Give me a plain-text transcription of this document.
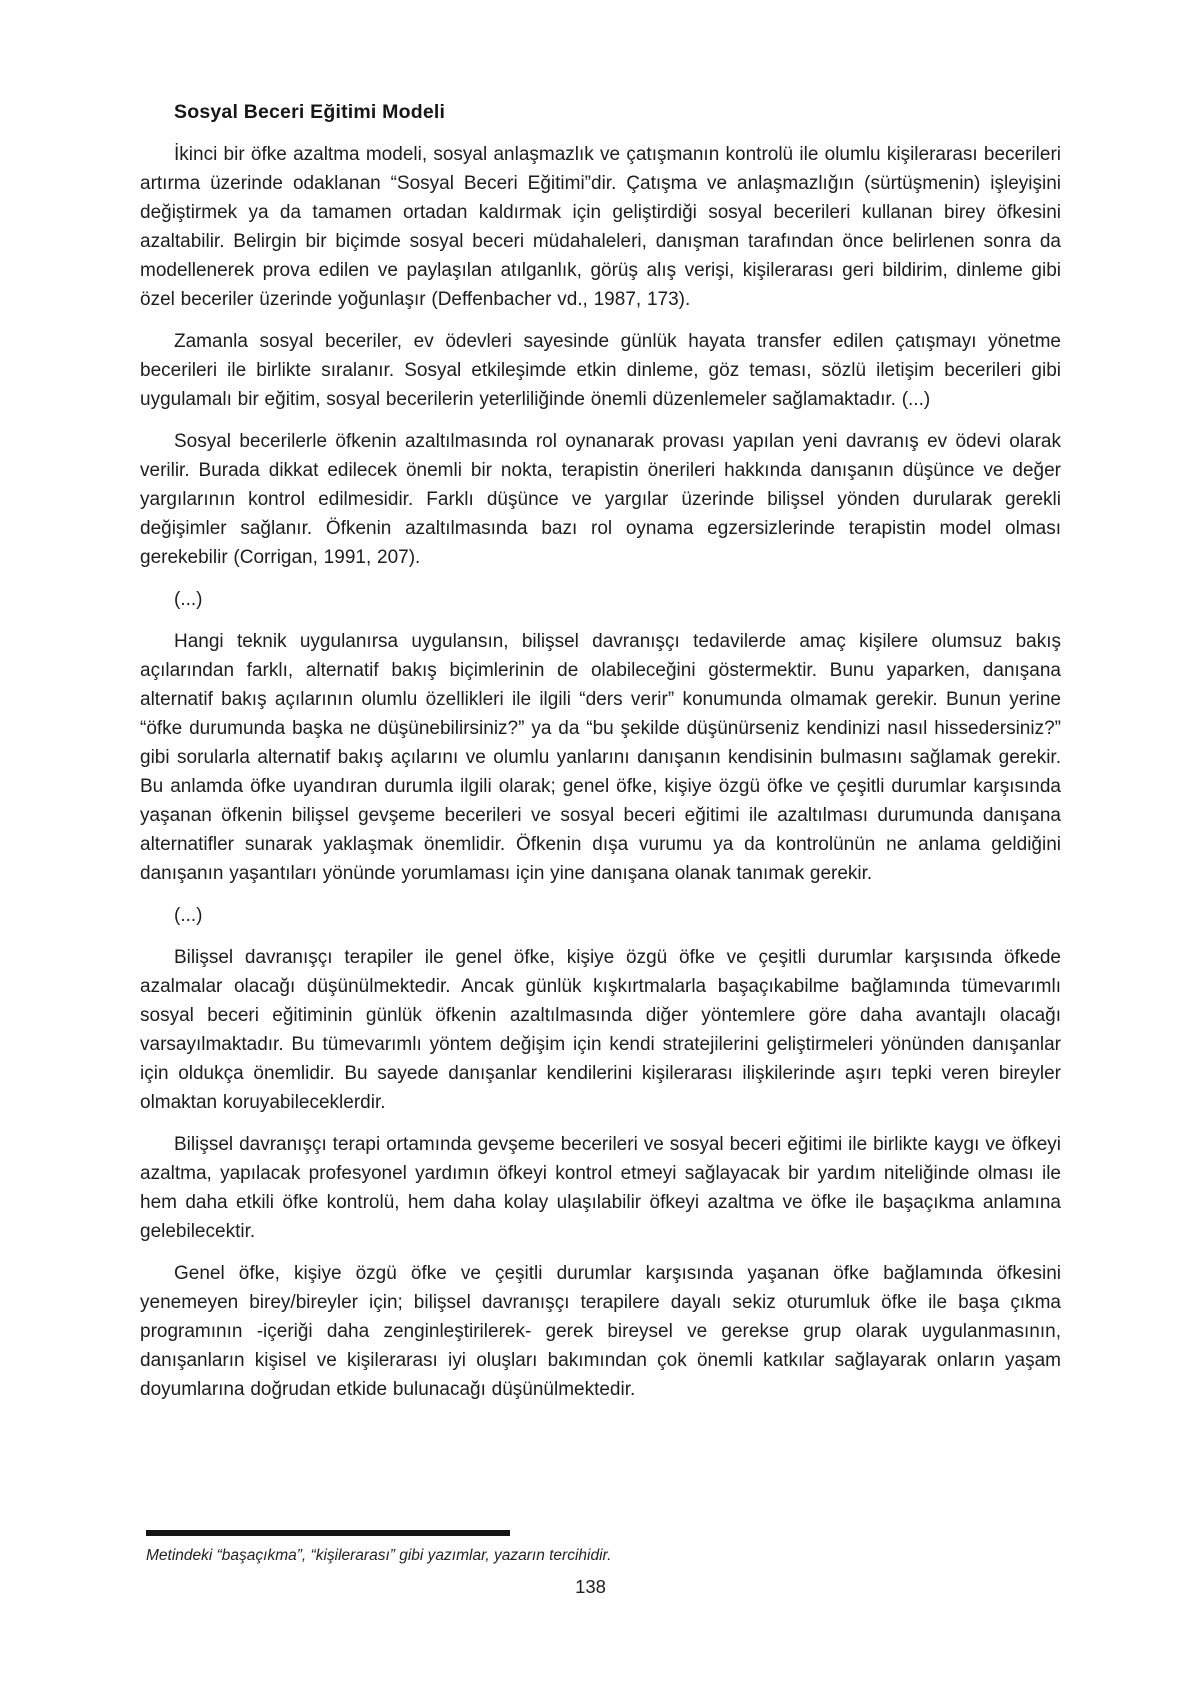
Sosyal Beceri Eğitimi Modeli

İkinci bir öfke azaltma modeli, sosyal anlaşmazlık ve çatışmanın kontrolü ile olumlu kişilerarası becerileri artırma üzerinde odaklanan “Sosyal Beceri Eğitimi”dir. Çatışma ve anlaşmazlığın (sürtüşmenin) işleyişini değiştirmek ya da tamamen ortadan kaldırmak için geliştirdiği sosyal becerileri kullanan birey öfkesini azaltabilir. Belirgin bir biçimde sosyal beceri müdahaleleri, danışman tarafından önce belirlenen sonra da modellenerek prova edilen ve paylaşılan atılganlık, görüş alış verişi, kişilerarası geri bildirim, dinleme gibi özel beceriler üzerinde yoğunlaşır (Deffenbacher vd., 1987, 173).

Zamanla sosyal beceriler, ev ödevleri sayesinde günlük hayata transfer edilen çatışmayı yönetme becerileri ile birlikte sıralanır. Sosyal etkileşimde etkin dinleme, göz teması, sözlü iletişim becerileri gibi uygulamalı bir eğitim, sosyal becerilerin yeterliliğinde önemli düzenlemeler sağlamaktadır. (...)

Sosyal becerilerle öfkenin azaltılmasında rol oynanarak provası yapılan yeni davranış ev ödevi olarak verilir. Burada dikkat edilecek önemli bir nokta, terapistin önerileri hakkında danışanın düşünce ve değer yargılarının kontrol edilmesidir. Farklı düşünce ve yargılar üzerinde bilişsel yönden durularak gerekli değişimler sağlanır. Öfkenin azaltılmasında bazı rol oynama egzersizlerinde terapistin model olması gerekebilir (Corrigan, 1991, 207).

(...)

Hangi teknik uygulanırsa uygulansın, bilişsel davranışçı tedavilerde amaç kişilere olumsuz bakış açılarından farklı, alternatif bakış biçimlerinin de olabileceğini göstermektir. Bunu yaparken, danışana alternatif bakış açılarının olumlu özellikleri ile ilgili “ders verir” konumunda olmamak gerekir. Bunun yerine “öfke durumunda başka ne düşünebilirsiniz?” ya da “bu şekilde düşünürseniz kendinizi nasıl hissedersiniz?” gibi sorularla alternatif bakış açılarını ve olumlu yanlarını danışanın kendisinin bulmasını sağlamak gerekir. Bu anlamda öfke uyandıran durumla ilgili olarak; genel öfke, kişiye özgü öfke ve çeşitli durumlar karşısında yaşanan öfkenin bilişsel gevşeme becerileri ve sosyal beceri eğitimi ile azaltılması durumunda danışana alternatifler sunarak yaklaşmak önemlidir. Öfkenin dışa vurumu ya da kontrolünün ne anlama geldiğini danışanın yaşantıları yönünde yorumlaması için yine danışana olanak tanımak gerekir.

(...)

Bilişsel davranışçı terapiler ile genel öfke, kişiye özgü öfke ve çeşitli durumlar karşısında öfkede azalmalar olacağı düşünülmektedir. Ancak günlük kışkırtmalarla başaçıkabilme bağlamında tümevarımlı sosyal beceri eğitiminin günlük öfkenin azaltılmasında diğer yöntemlere göre daha avantajlı olacağı varsayılmaktadır. Bu tümevarımlı yöntem değişim için kendi stratejilerini geliştirmeleri yönünden danışanlar için oldukça önemlidir. Bu sayede danışanlar kendilerini kişilerarası ilişkilerinde aşırı tepki veren bireyler olmaktan koruyabileceklerdir.

Bilişsel davranışçı terapi ortamında gevşeme becerileri ve sosyal beceri eğitimi ile birlikte kaygı ve öfkeyi azaltma, yapılacak profesyonel yardımın öfkeyi kontrol etmeyi sağlayacak bir yardım niteliğinde olması ile hem daha etkili öfke kontrolü, hem daha kolay ulaşılabilir öfkeyi azaltma ve öfke ile başaçıkma anlamına gelebilecektir.

Genel öfke, kişiye özgü öfke ve çeşitli durumlar karşısında yaşanan öfke bağlamında öfkesini yenemeyen birey/bireyler için; bilişsel davranışçı terapilere dayalı sekiz oturumluk öfke ile başa çıkma programının -içeriği daha zenginleştirilerek- gerek bireysel ve gerekse grup olarak uygulanmasının, danışanların kişisel ve kişilerarası iyi oluşları bakımından çok önemli katkılar sağlayarak onların yaşam doyumlarına doğrudan etkide bulunacağı düşünülmektedir.

Metindeki “başaçıkma”, “kişilerarası” gibi yazımlar, yazarın tercihidir.

138
